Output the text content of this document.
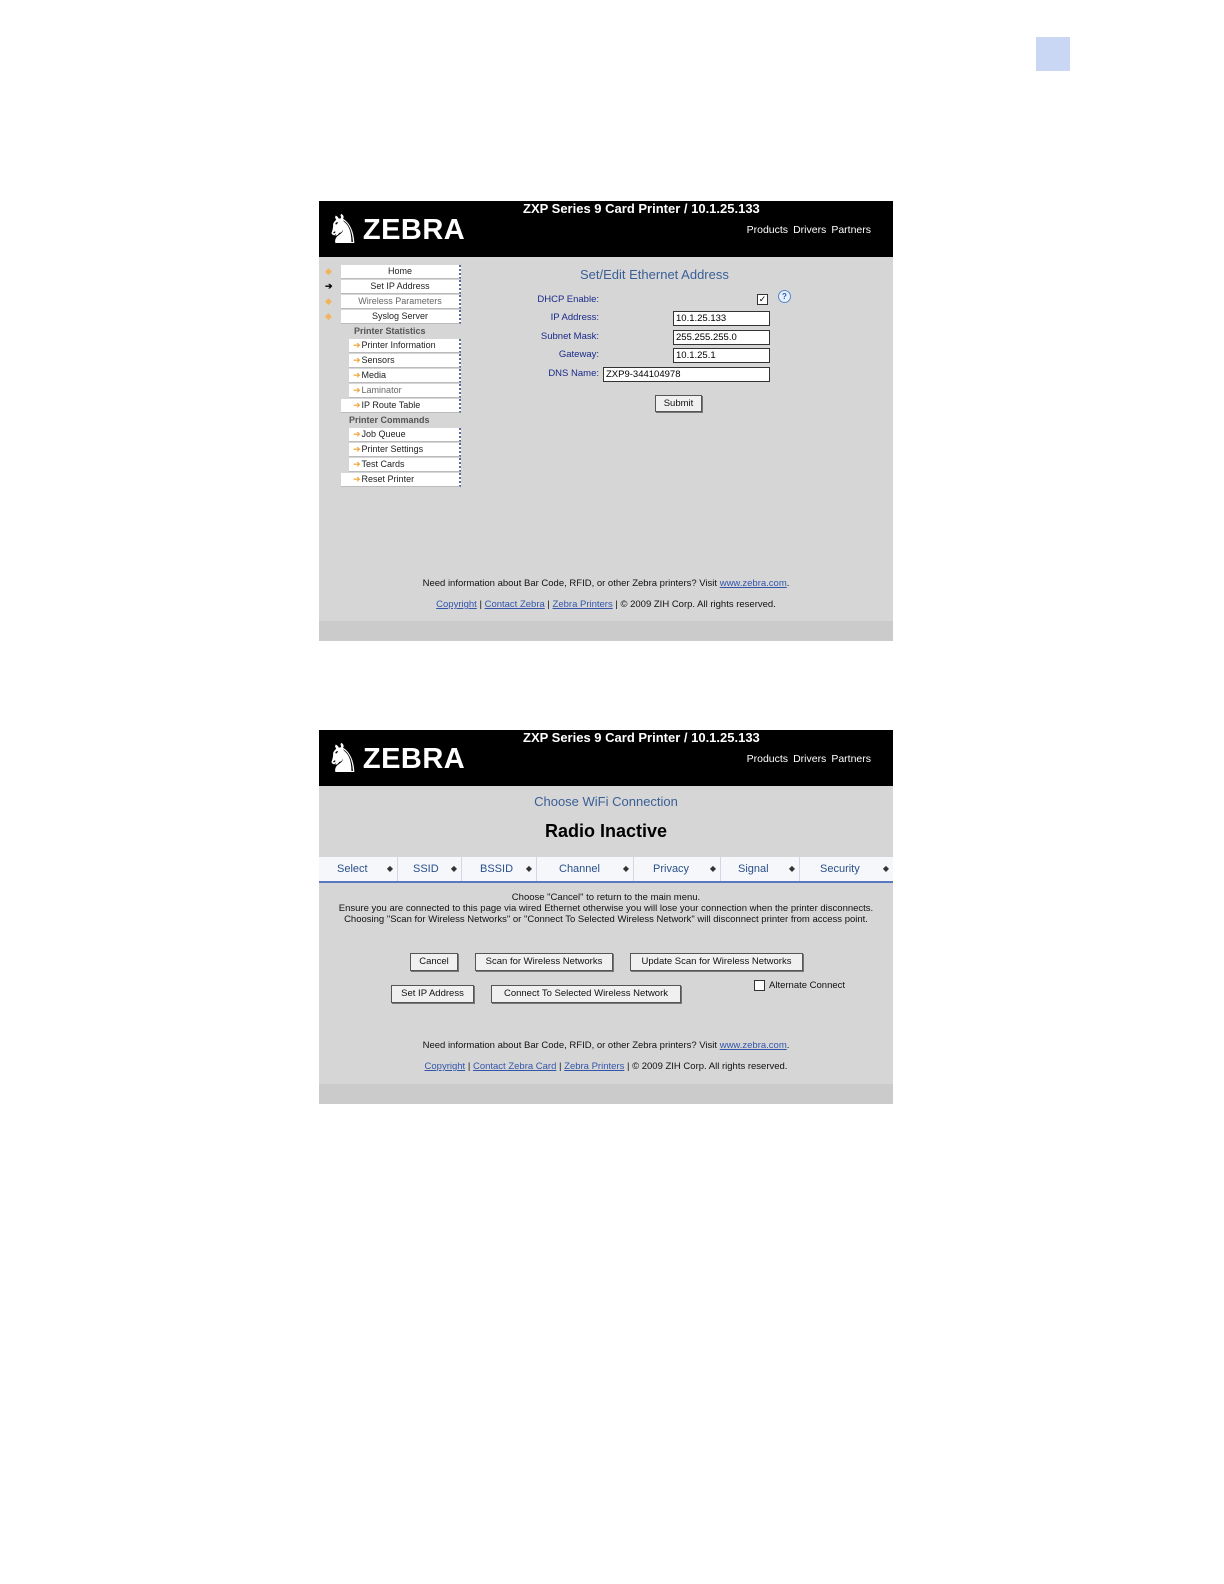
♞ ZEBRA
ZXP Series 9 Card Printer / 10.1.25.133
Products Drivers Partners
◆	Home
➔	Set IP Address
◆	Wireless Parameters
◆	Syslog Server
Printer Statistics
➔Printer Information
➔Sensors
➔Media
➔Laminator
➔IP Route Table
Printer Commands
➔Job Queue
➔Printer Settings
➔Test Cards
➔Reset Printer
Set/Edit Ethernet Address
DHCP Enable:	✓	?
IP Address:	10.1.25.133
Subnet Mask:	255.255.255.0
Gateway:	10.1.25.1
DNS Name: ZXP9-344104978
Submit
Need information about Bar Code, RFID, or other Zebra printers? Visit www.zebra.com.
Copyright | Contact Zebra | Zebra Printers | © 2009 ZIH Corp. All rights reserved.
♞ ZEBRA
ZXP Series 9 Card Printer / 10.1.25.133
Products Drivers Partners
Choose WiFi Connection
Radio Inactive
Select ◆ SSID ◆ BSSID ◆ Channel	◆ Privacy	◆ Signal	◆ Security	◆
Choose "Cancel" to return to the main menu.
Ensure you are connected to this page via wired Ethernet otherwise you will lose your connection when the printer disconnects.
Choosing "Scan for Wireless Networks" or "Connect To Selected Wireless Network" will disconnect printer from access point.
Cancel	Scan for Wireless Networks	Update Scan for Wireless Networks
Set IP Address	Connect To Selected Wireless Network
Alternate Connect
Need information about Bar Code, RFID, or other Zebra printers? Visit www.zebra.com.
Copyright | Contact Zebra Card | Zebra Printers | © 2009 ZIH Corp. All rights reserved.
